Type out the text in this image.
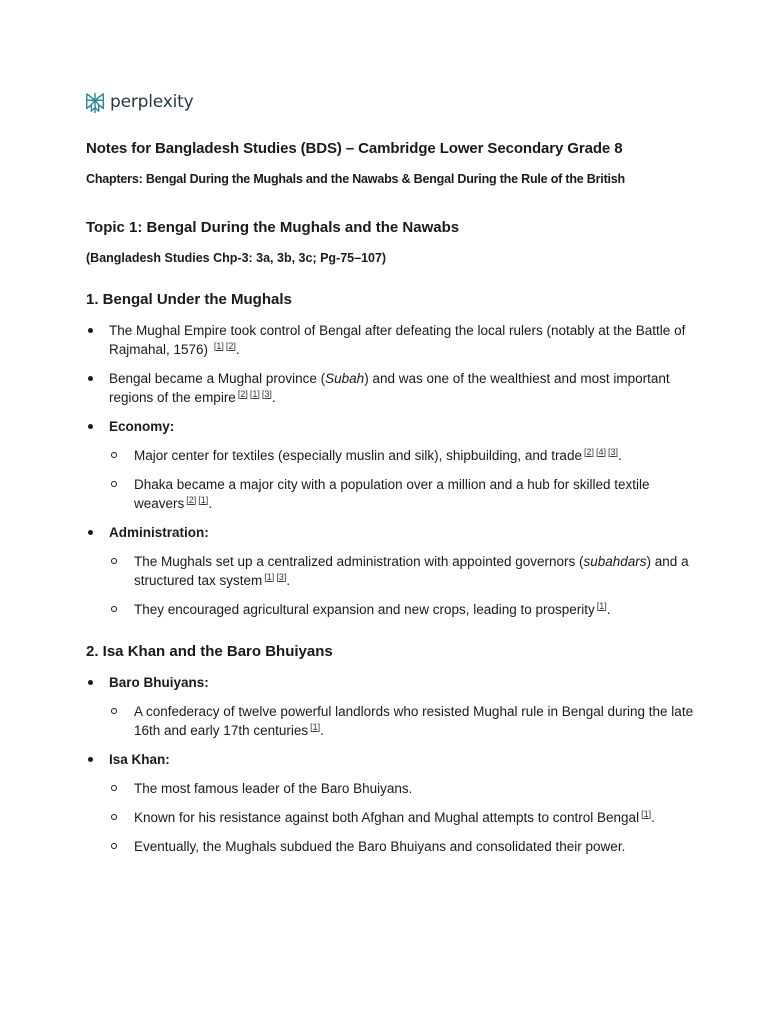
perplexity
Notes for Bangladesh Studies (BDS) – Cambridge Lower Secondary Grade 8

Chapters: Bengal During the Mughals and the Nawabs & Bengal During the Rule of the British

Topic 1: Bengal During the Mughals and the Nawabs

(Bangladesh Studies Chp-3: 3a, 3b, 3c; Pg-75–107)

1. Bengal Under the Mughals
The Mughal Empire took control of Bengal after defeating the local rulers (notably at the Battle of Rajmahal, 1576) [1] [2].
Bengal became a Mughal province (Subah) and was one of the wealthiest and most important regions of the empire [2] [1] [3].
Economy:
Major center for textiles (especially muslin and silk), shipbuilding, and trade [2] [4] [3].
Dhaka became a major city with a population over a million and a hub for skilled textile weavers [2] [1].
Administration:
The Mughals set up a centralized administration with appointed governors (subahdars) and a structured tax system [1] [3].
They encouraged agricultural expansion and new crops, leading to prosperity [1].
2. Isa Khan and the Baro Bhuiyans
Baro Bhuiyans:
A confederacy of twelve powerful landlords who resisted Mughal rule in Bengal during the late 16th and early 17th centuries [1].
Isa Khan:
The most famous leader of the Baro Bhuiyans.
Known for his resistance against both Afghan and Mughal attempts to control Bengal [1].
Eventually, the Mughals subdued the Baro Bhuiyans and consolidated their power.
